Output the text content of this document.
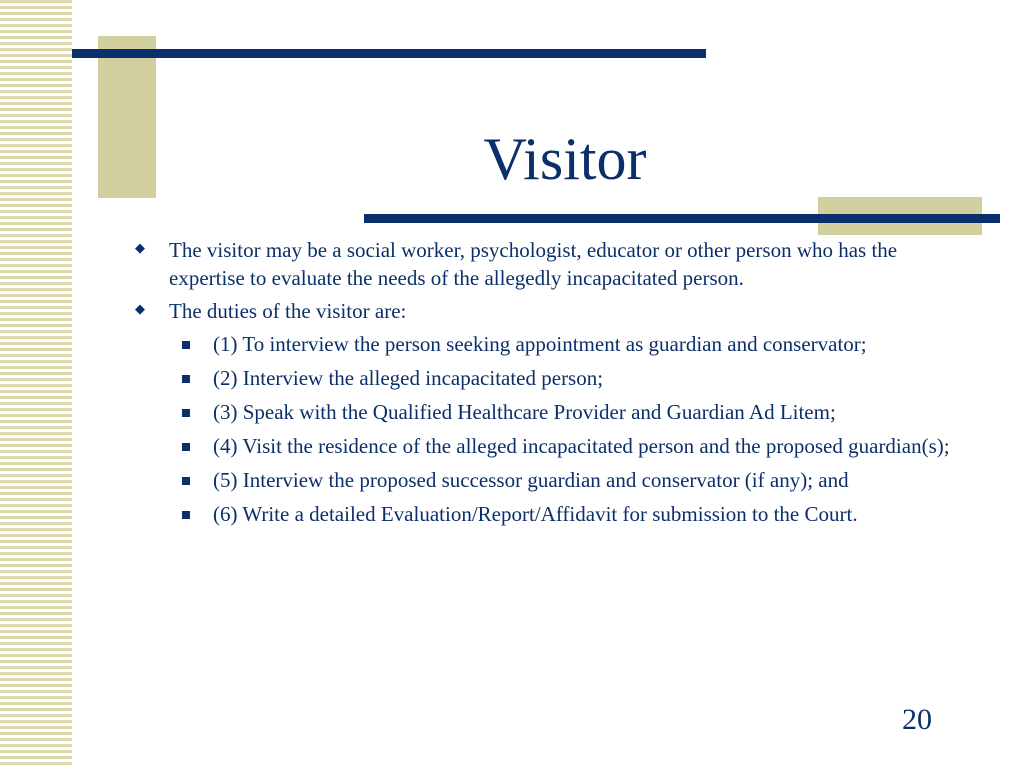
Visitor
◆ The visitor may be a social worker, psychologist, educator or other person who has the expertise to evaluate the needs of the allegedly incapacitated person.
◆ The duties of the visitor are:
(1) To interview the person seeking appointment as guardian and conservator;
(2) Interview the alleged incapacitated person;
(3) Speak with the Qualified Healthcare Provider and Guardian Ad Litem;
(4) Visit the residence of the alleged incapacitated person and the proposed guardian(s);
(5) Interview the proposed successor guardian and conservator (if any); and
(6) Write a detailed Evaluation/Report/Affidavit for submission to the Court.
20
